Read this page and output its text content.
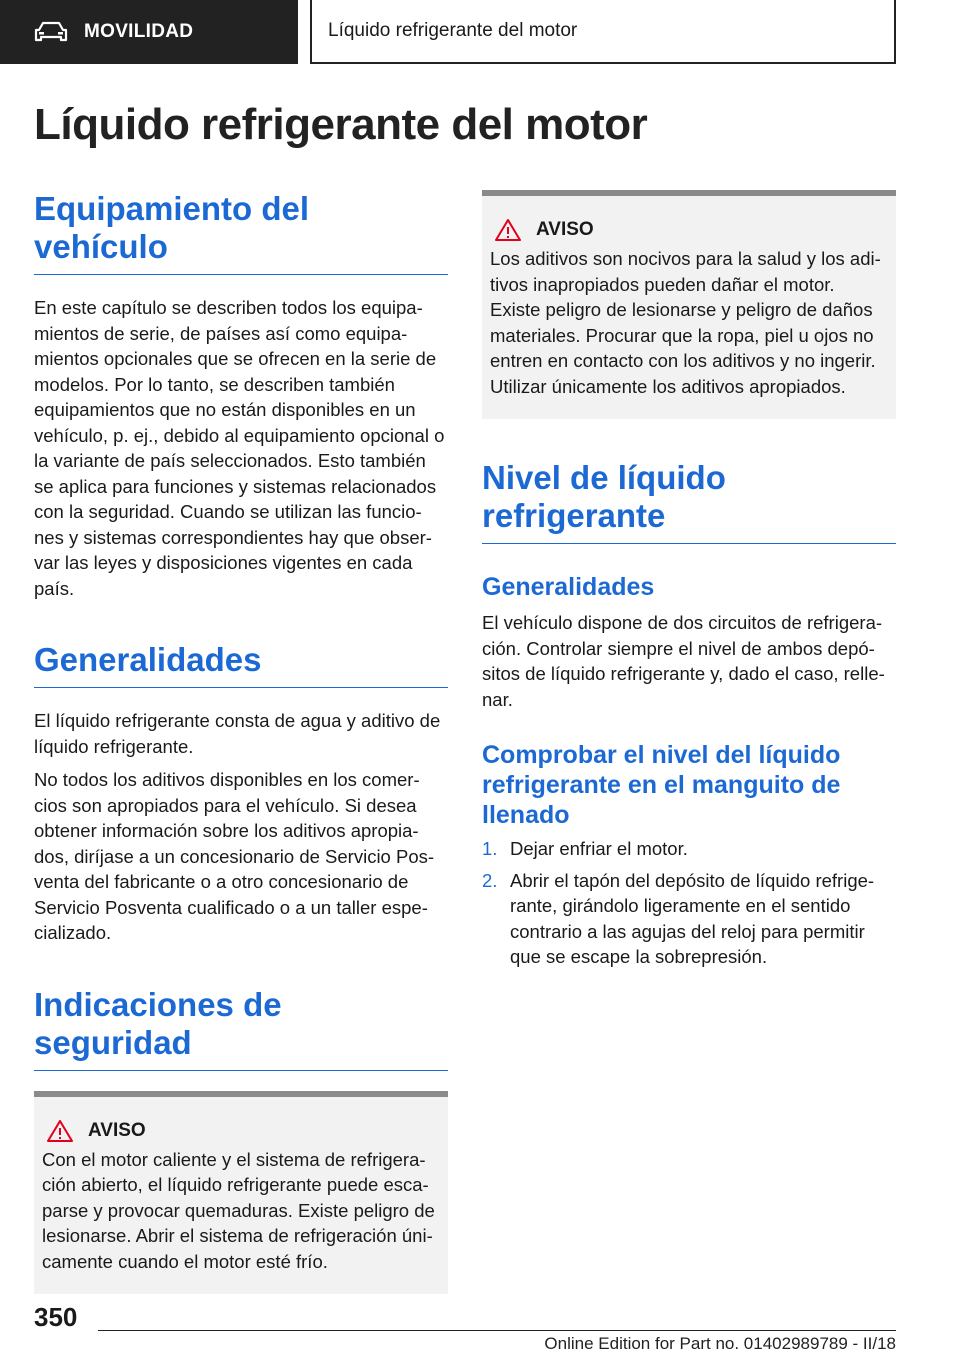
MOVILIDAD	Líquido refrigerante del motor
Líquido refrigerante del motor
Equipamiento del vehículo

En este capítulo se describen todos los equipa-mientos de serie, de países así como equipa-mientos opcionales que se ofrecen en la serie de modelos. Por lo tanto, se describen también equipamientos que no están disponibles en un vehículo, p. ej., debido al equipamiento opcional o la variante de país seleccionados. Esto también se aplica para funciones y sistemas relacionados con la seguridad. Cuando se utilizan las funcio-nes y sistemas correspondientes hay que obser-var las leyes y disposiciones vigentes en cada país.

Generalidades

El líquido refrigerante consta de agua y aditivo de líquido refrigerante.

No todos los aditivos disponibles en los comer-cios son apropiados para el vehículo. Si desea obtener información sobre los aditivos apropia-dos, diríjase a un concesionario de Servicio Pos-venta del fabricante o a otro concesionario de Servicio Posventa cualificado o a un taller espe-cializado.

Indicaciones de seguridad
AVISO

Con el motor caliente y el sistema de refrigera-ción abierto, el líquido refrigerante puede esca-parse y provocar quemaduras. Existe peligro de lesionarse. Abrir el sistema de refrigeración úni-camente cuando el motor esté frío.

AVISO

Los aditivos son nocivos para la salud y los adi-tivos inapropiados pueden dañar el motor. Existe peligro de lesionarse y peligro de daños materiales. Procurar que la ropa, piel u ojos no entren en contacto con los aditivos y no ingerir. Utilizar únicamente los aditivos apropiados.

Nivel de líquido refrigerante
Generalidades

El vehículo dispone de dos circuitos de refrigera-ción. Controlar siempre el nivel de ambos depó-sitos de líquido refrigerante y, dado el caso, relle-nar.

Comprobar el nivel del líquido refrigerante en el manguito de llenado
1. Dejar enfriar el motor.
2. Abrir el tapón del depósito de líquido refrige-rante, girándolo ligeramente en el sentido contrario a las agujas del reloj para permitir que se escape la sobrepresión.
350
Online Edition for Part no. 01402989789 - II/18
